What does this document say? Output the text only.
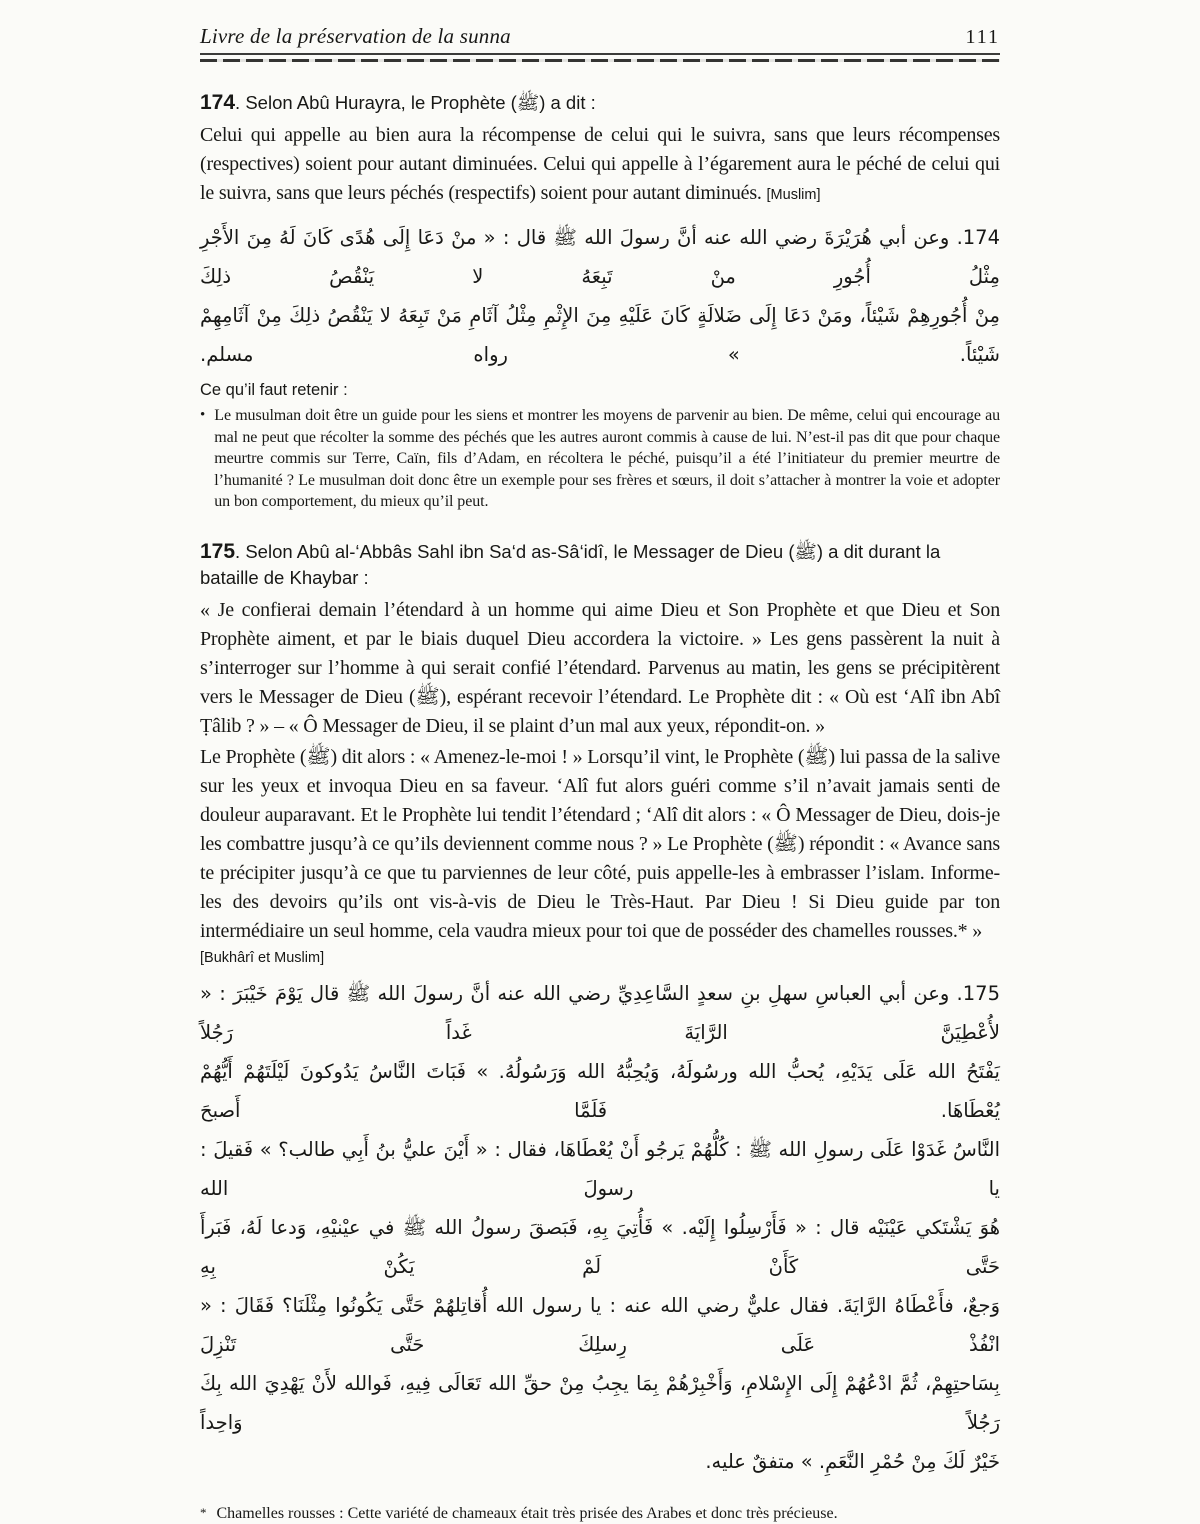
Livre de la préservation de la sunna	111
174. Selon Abû Hurayra, le Prophète (ﷺ) a dit :

Celui qui appelle au bien aura la récompense de celui qui le suivra, sans que leurs récompenses (respectives) soient pour autant diminuées. Celui qui appelle à l’égarement aura le péché de celui qui le suivra, sans que leurs péchés (respectifs) soient pour autant diminués. [Muslim]

174. وعن أبي هُرَيْرَةَ رضي الله عنه أنَّ رسولَ الله ﷺ قال : « منْ دَعَا إِلَى هُدًى كَانَ لَهُ مِنَ الأَجْرِ مِثْلُ أُجُورِ منْ تَبِعَهُ لا يَنْقُصُ ذلِكَ
مِنْ أُجُورِهِمْ شَيْئاً، ومَنْ دَعَا إِلَى ضَلالَةٍ كَانَ عَلَيْهِ مِنَ الإِثْمِ مِثْلُ آثَامِ مَنْ تَبِعَهُ لا يَنْقُصُ ذلِكَ مِنْ آثَامِهِمْ شَيْئاً. » رواه مسلم.
Ce qu’il faut retenir :
• Le musulman doit être un guide pour les siens et montrer les moyens de parvenir au bien. De même, celui qui encourage au mal ne peut que récolter la somme des péchés que les autres auront commis à cause de lui. N’est-il pas dit que pour chaque meurtre commis sur Terre, Caïn, fils d’Adam, en récoltera le péché, puisqu’il a été l’initiateur du premier meurtre de l’humanité ? Le musulman doit donc être un exemple pour ses frères et sœurs, il doit s’attacher à montrer la voie et adopter un bon comportement, du mieux qu’il peut.
175. Selon Abû al-‘Abbâs Sahl ibn Sa‘d as-Sâ‘idî, le Messager de Dieu (ﷺ) a dit durant la bataille de Khaybar :

« Je confierai demain l’étendard à un homme qui aime Dieu et Son Prophète et que Dieu et Son Prophète aiment, et par le biais duquel Dieu accordera la victoire. » Les gens passèrent la nuit à s’interroger sur l’homme à qui serait confié l’étendard. Parvenus au matin, les gens se précipitèrent vers le Messager de Dieu (ﷺ), espérant recevoir l’étendard. Le Prophète dit : « Où est ‘Alî ibn Abî Ṭâlib ? » – « Ô Messager de Dieu, il se plaint d’un mal aux yeux, répondit-on. »

Le Prophète (ﷺ) dit alors : « Amenez-le-moi ! » Lorsqu’il vint, le Prophète (ﷺ) lui passa de la salive sur les yeux et invoqua Dieu en sa faveur. ‘Alî fut alors guéri comme s’il n’avait jamais senti de douleur auparavant. Et le Prophète lui tendit l’étendard ; ‘Alî dit alors : « Ô Messager de Dieu, dois-je les combattre jusqu’à ce qu’ils deviennent comme nous ? » Le Prophète (ﷺ) répondit : « Avance sans te précipiter jusqu’à ce que tu parviennes de leur côté, puis appelle-les à embrasser l’islam. Informe-les des devoirs qu’ils ont vis-à-vis de Dieu le Très-Haut. Par Dieu ! Si Dieu guide par ton intermédiaire un seul homme, cela vaudra mieux pour toi que de posséder des chamelles rousses.* »

[Bukhârî et Muslim]
175. وعن أبي العباسِ سهلِ بنِ سعدٍ السَّاعِدِيِّ رضي الله عنه أنَّ رسولَ الله ﷺ قال يَوْمَ خَيْبَرَ : « لأُعْطِيَنَّ الرَّايَةَ غَداً رَجُلاً
يَفْتَحُ الله عَلَى يَدَيْهِ، يُحبُّ الله ورسُولَهُ، وَيُحِبُّهُ الله وَرَسُولُهُ. » فَبَاتَ النَّاسُ يَدُوكونَ لَيْلَتَهُمْ أَيُّهُمْ يُعْطَاهَا. فَلَمَّا أَصبحَ
النَّاسُ غَدَوْا عَلَى رسولِ الله ﷺ : كُلُّهُمْ يَرجُو أَنْ يُعْطَاهَا، فقال : « أَيْنَ عليُّ بنُ أَبِي طالب؟ » فَقيلَ : يا رسولَ الله
هُوَ يَشْتَكي عَيْنَيْه قال : « فَأَرْسِلُوا إِلَيْه. » فَأُتِيَ بِهِ، فَبَصقَ رسولُ الله ﷺ في عيْنيْهِ، وَدعا لَهُ، فَبَرأَ حَتَّى كَأَنْ لَمْ يَكُنْ بِهِ
وَجعٌ، فأَعْطَاهُ الرَّايَةَ. فقال عليٌّ رضي الله عنه : يا رسول الله أُقاتِلهُمْ حَتَّى يَكُونُوا مِثْلَنَا؟ فَقَالَ : « انْفُذْ عَلَى رِسلِكَ حَتَّى تَنْزِلَ
بِسَاحتِهِمْ، ثُمَّ ادْعُهُمْ إِلَى الإِسْلامِ، وَأَخْبِرْهُمْ بِمَا يجِبُ مِنْ حقِّ الله تَعَالَى فِيهِ، فَوالله لأَنْ يَهْدِيَ الله بِكَ رَجُلاً وَاحِداً
خَيْرٌ لَكَ مِنْ حُمْرِ النَّعَمِ. » متفقٌ عليه.
* Chamelles rousses : Cette variété de chameaux était très prisée des Arabes et donc très précieuse.
